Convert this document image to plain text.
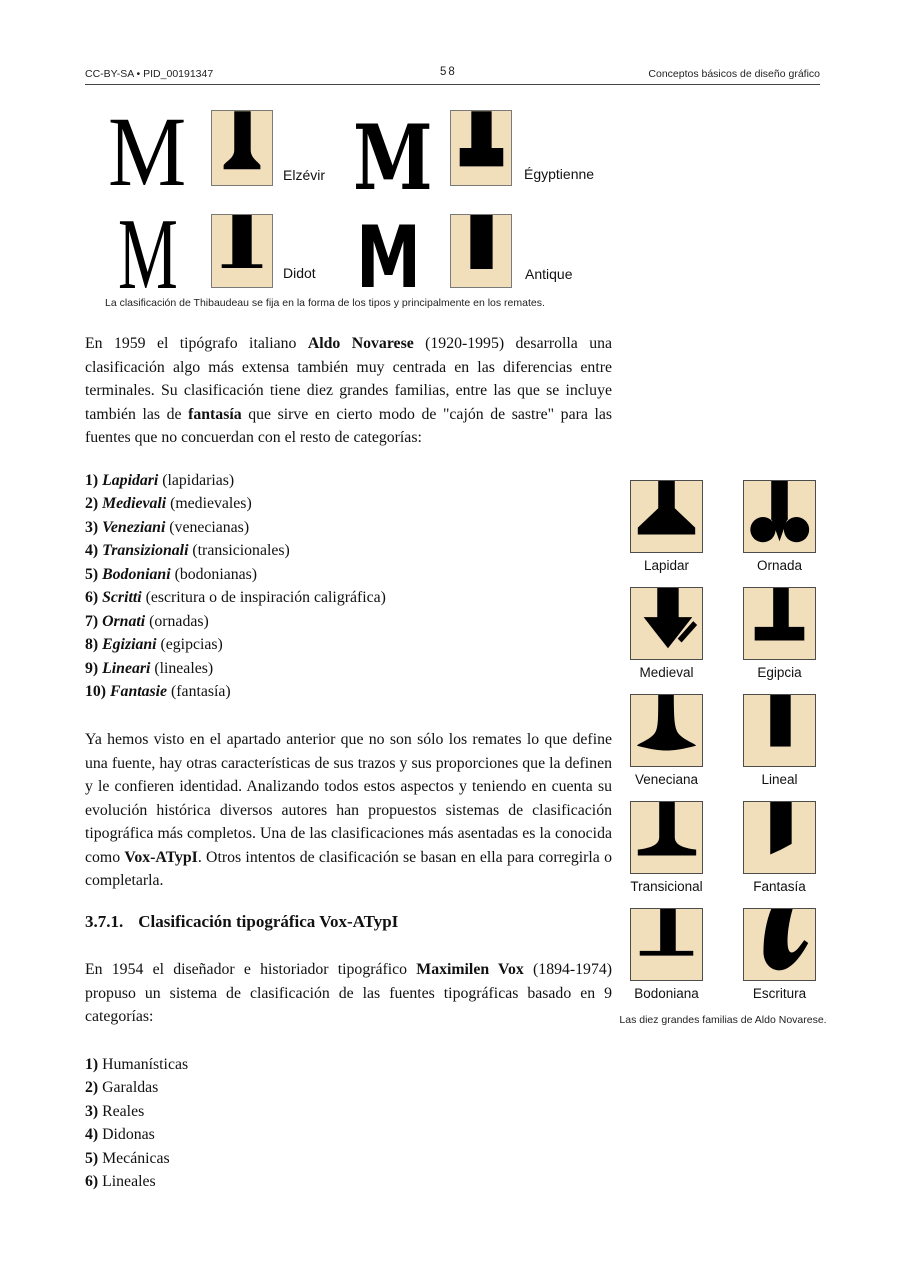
CC-BY-SA • PID_00191347	58	Conceptos básicos de diseño gráfico
M	Elzévir M	Égyptienne
M	Didot M	Antique
La clasificación de Thibaudeau se fija en la forma de los tipos y principalmente en los remates.

En 1959 el tipógrafo italiano Aldo Novarese (1920-1995) desarrolla una clasificación algo más extensa también muy centrada en las diferencias entre terminales. Su clasificación tiene diez grandes familias, entre las que se incluye también las de fantasía que sirve en cierto modo de "cajón de sastre" para las fuentes que no concuerdan con el resto de categorías:

1) Lapidari (lapidarias)
2) Medievali (medievales)
3) Veneziani (venecianas)
4) Transizionali (transicionales)
5) Bodoniani (bodonianas)
6) Scritti (escritura o de inspiración caligráfica)
7) Ornati (ornadas)
8) Egiziani (egipcias)
9) Lineari (lineales)
10) Fantasie (fantasía)

Ya hemos visto en el apartado anterior que no son sólo los remates lo que define una fuente, hay otras características de sus trazos y sus proporciones que la definen y le confieren identidad. Analizando todos estos aspectos y teniendo en cuenta su evolución histórica diversos autores han propuestos sistemas de clasificación tipográfica más completos. Una de las clasificaciones más asentadas es la conocida como Vox-ATypI. Otros intentos de clasificación se basan en ella para corregirla o completarla.

3.7.1. Clasificación tipográfica Vox-ATypI

En 1954 el diseñador e historiador tipográfico Maximilen Vox (1894-1974) propuso un sistema de clasificación de las fuentes tipográficas basado en 9 categorías:

1) Humanísticas
2) Garaldas
3) Reales
4) Didonas
5) Mecánicas
6) Lineales
Lapidar	Ornada
Medieval	Egipcia
Veneciana	Lineal
Transicional	Fantasía
Bodoniana	Escritura
Las diez grandes familias de Aldo Novarese.
